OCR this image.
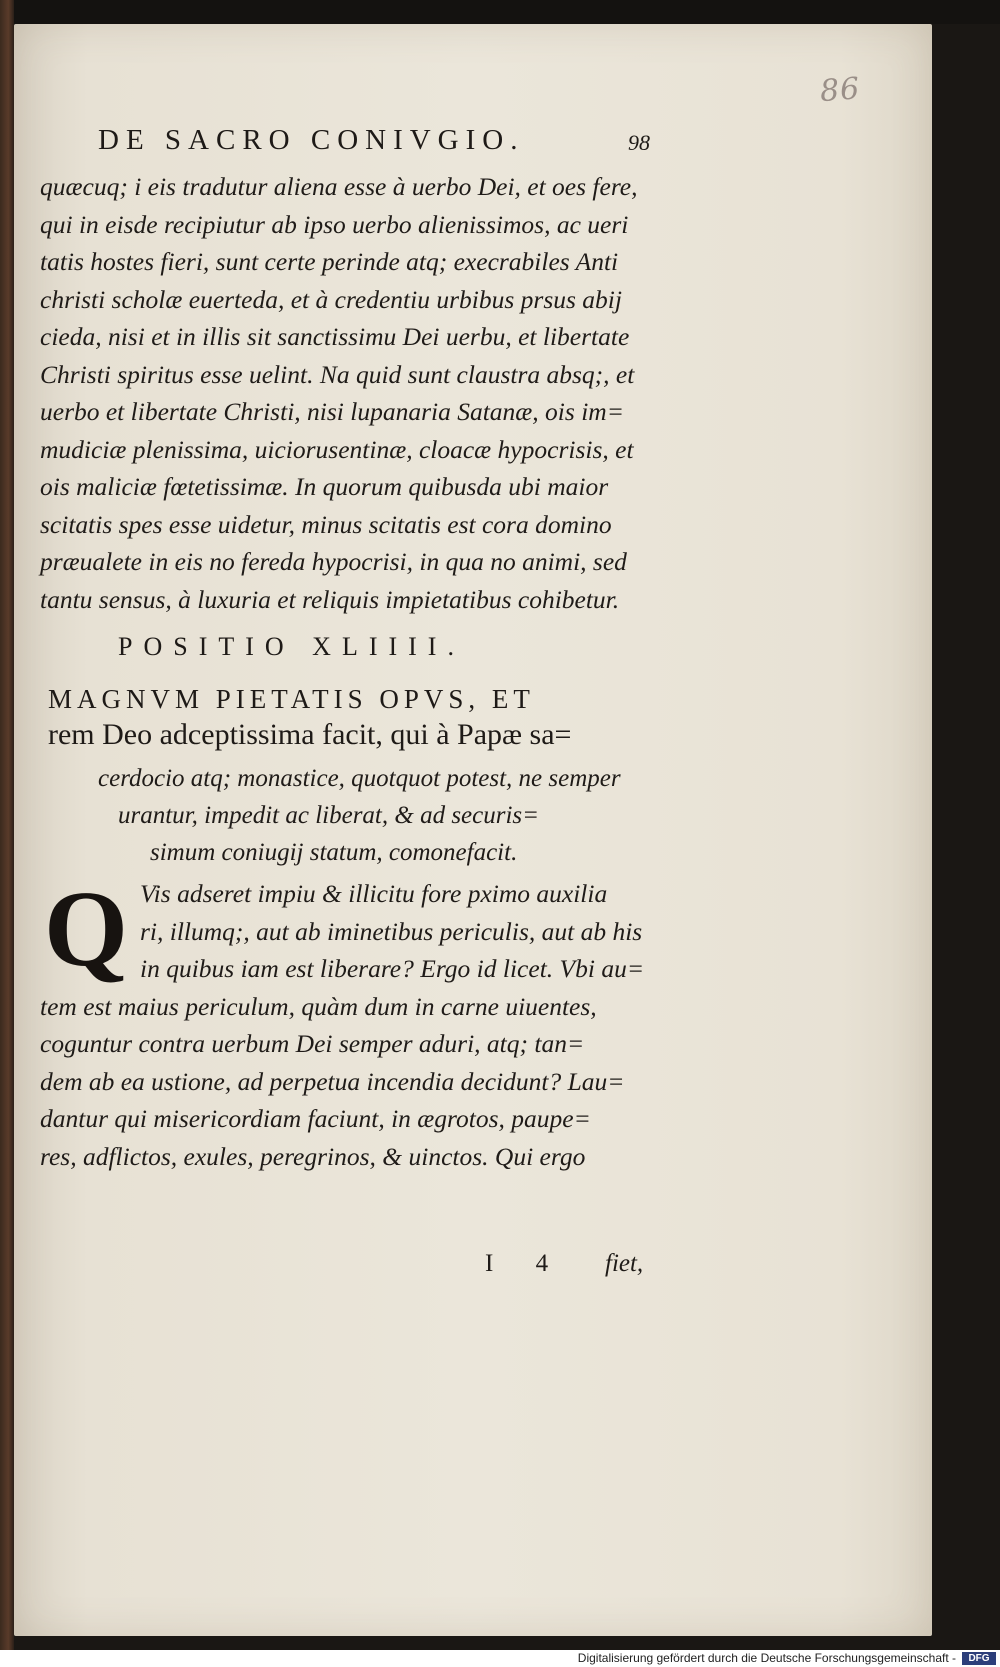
86
DE SACRO CONIVGIO.	98
quæcuq; i eis tradutur aliena esse à uerbo Dei, et oes fere,
qui in eisde recipiutur ab ipso uerbo alienissimos, ac ueri
tatis hostes fieri, sunt certe perinde atq; execrabiles Anti
christi scholæ euerteda, et à credentiu urbibus prsus abij
cieda, nisi et in illis sit sanctissimu Dei uerbu, et libertate
Christi spiritus esse uelint. Na quid sunt claustra absq;, et
uerbo et libertate Christi, nisi lupanaria Satanæ, ois im=
mudiciæ plenissima, uiciorusentinæ, cloacæ hypocrisis, et
ois maliciæ fœtetissimæ. In quorum quibusda ubi maior
scitatis spes esse uidetur, minus scitatis est cora domino
præualete in eis no fereda hypocrisi, in qua no animi, sed
tantu sensus, à luxuria et reliquis impietatibus cohibetur.
POSITIO XLIIII.
MAGNVM PIETATIS OPVS, ET
rem Deo adceptissima facit, qui à Papæ sa=
cerdocio atq; monastice, quotquot potest, ne semper
urantur, impedit ac liberat, & ad securis=
simum coniugij statum, comonefacit.
Q Vis adseret impiu & illicitu fore pximo auxilia
ri, illumq;, aut ab iminetibus periculis, aut ab his
in quibus iam est liberare? Ergo id licet. Vbi au=
tem est maius periculum, quàm dum in carne uiuentes,
coguntur contra uerbum Dei semper aduri, atq; tan=
dem ab ea ustione, ad perpetua incendia decidunt? Lau=
dantur qui misericordiam faciunt, in ægrotos, paupe=
res, adflictos, exules, peregrinos, & uinctos. Qui ergo
I 4 fiet,
Digitalisierung gefördert durch die Deutsche Forschungsgemeinschaft -	DFG
